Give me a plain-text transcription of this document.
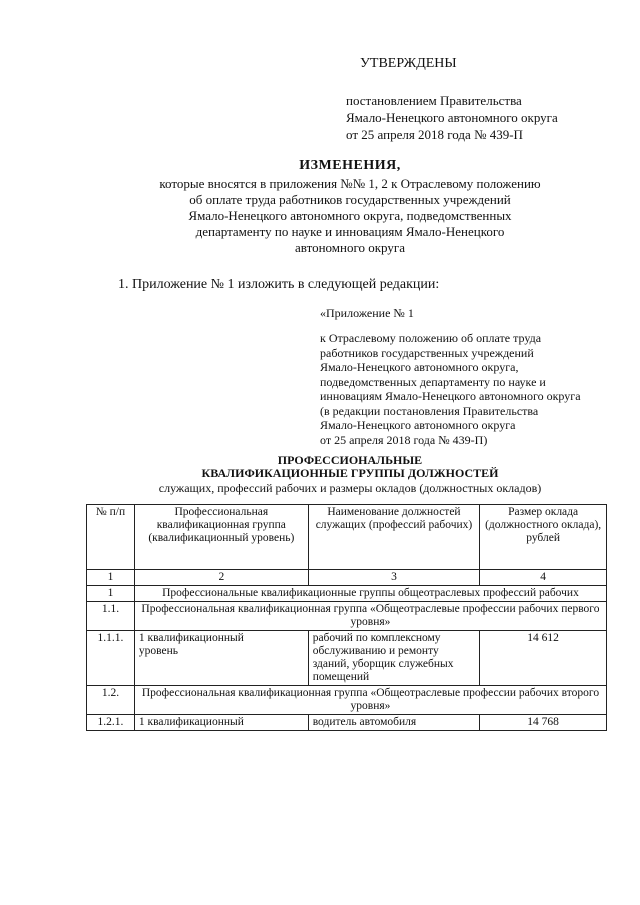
УТВЕРЖДЕНЫ
постановлением Правительства
Ямало-Ненецкого автономного округа
от 25 апреля 2018 года № 439-П
ИЗМЕНЕНИЯ,
которые вносятся в приложения №№ 1, 2 к Отраслевому положению
об оплате труда работников государственных учреждений
Ямало-Ненецкого автономного округа, подведомственных
департаменту по науке и инновациям Ямало-Ненецкого
автономного округа
1. Приложение № 1 изложить в следующей редакции:
«Приложение № 1
к Отраслевому положению об оплате труда
работников государственных учреждений
Ямало-Ненецкого автономного округа,
подведомственных департаменту по науке и
инновациям Ямало-Ненецкого автономного округа
(в редакции постановления Правительства
Ямало-Ненецкого автономного округа
от 25 апреля 2018 года № 439-П)
ПРОФЕССИОНАЛЬНЫЕ
КВАЛИФИКАЦИОННЫЕ ГРУППЫ ДОЛЖНОСТЕЙ
служащих, профессий рабочих и размеры окладов (должностных окладов)
№ п/п	Профессиональная квалификационная группа (квалификационный уровень)	Наименование должностей служащих (профессий рабочих)	Размер оклада (должностного оклада), рублей
1	2	3	4
1	Профессиональные квалификационные группы общеотраслевых профессий рабочих		
1.1.	Профессиональная квалификационная группа «Общеотраслевые профессии рабочих первого уровня»		
1.1.1.	1 квалификационный уровень	рабочий по комплексному обслуживанию и ремонту зданий, уборщик служебных помещений	14 612
1.2.	Профессиональная квалификационная группа «Общеотраслевые профессии рабочих второго уровня»		
1.2.1.	1 квалификационный	водитель автомобиля	14 768
